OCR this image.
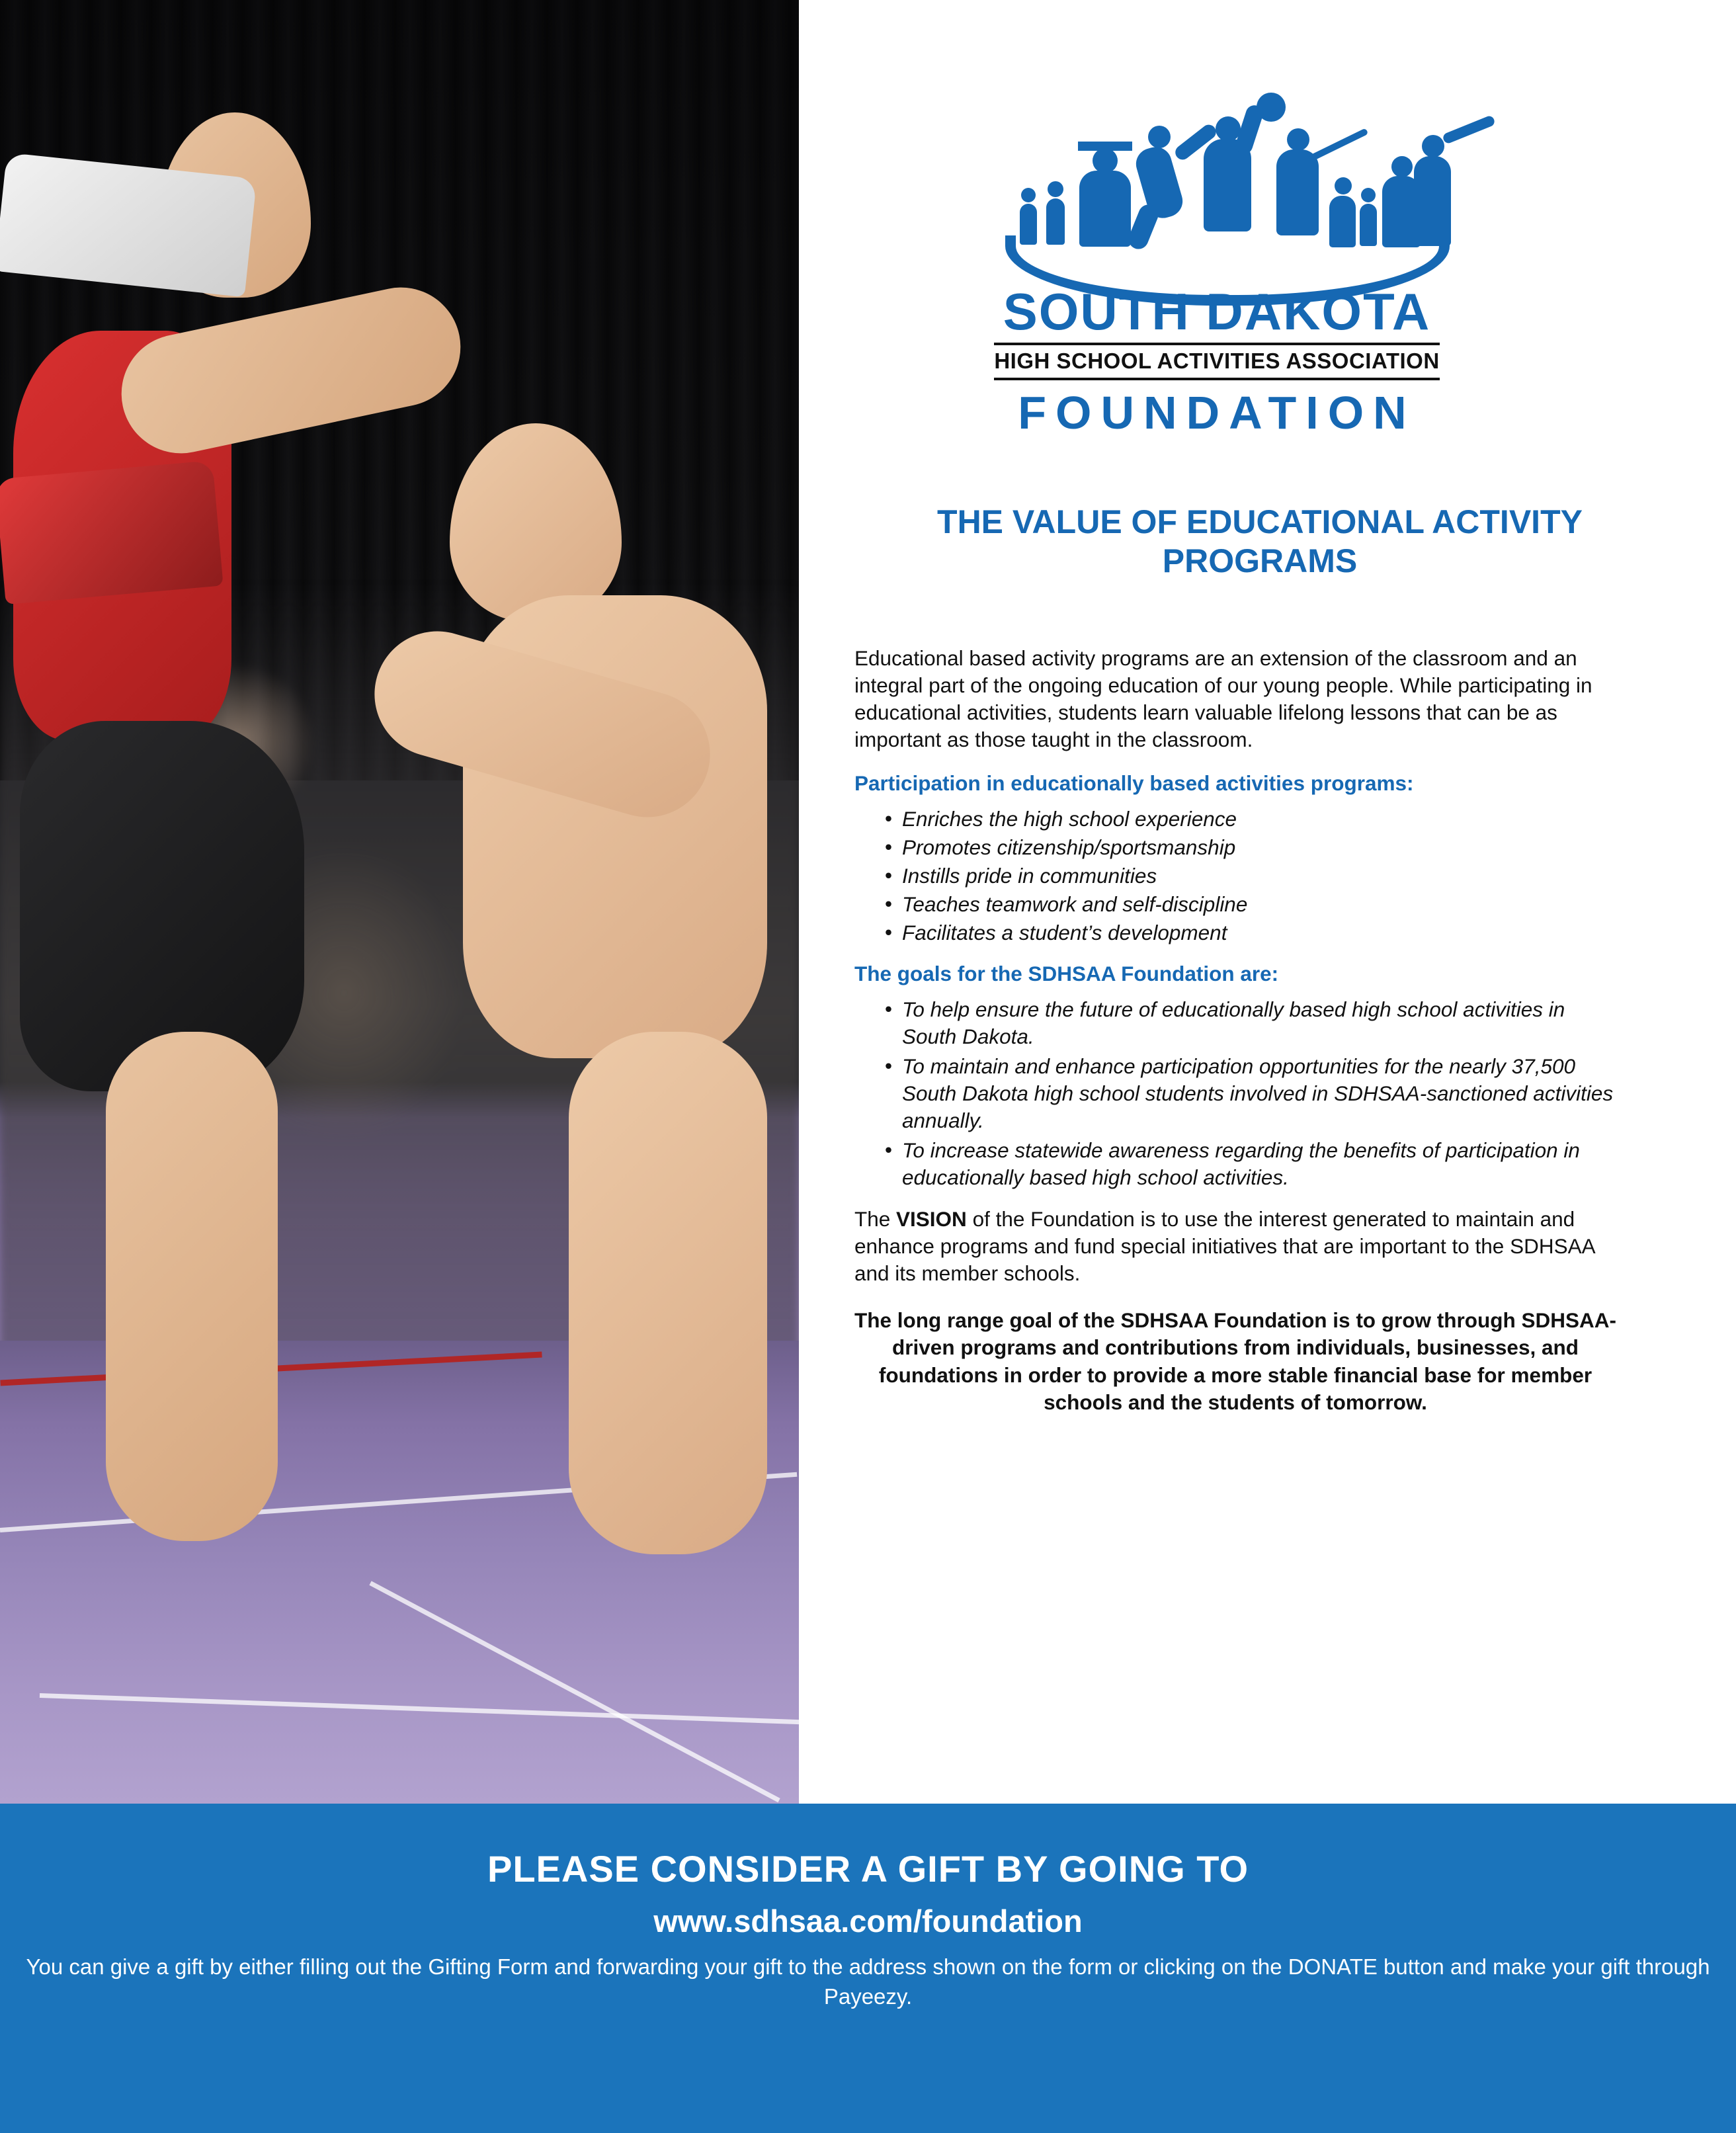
SOUTH DAKOTA
HIGH SCHOOL ACTIVITIES ASSOCIATION
FOUNDATION
THE VALUE OF EDUCATIONAL ACTIVITY PROGRAMS

Educational based activity programs are an extension of the classroom and an integral part of the ongoing education of our young people. While participating in educational activities, students learn valuable lifelong lessons that can be as important as those taught in the classroom.

Participation in educationally based activities programs:
• Enriches the high school experience
• Promotes citizenship/sportsmanship
• Instills pride in communities
• Teaches teamwork and self-discipline
• Facilitates a student’s development
The goals for the SDHSAA Foundation are:
• To help ensure the future of educationally based high school activities in South Dakota.
• To maintain and enhance participation opportunities for the nearly 37,500 South Dakota high school students involved in SDHSAA-sanctioned activities annually.
• To increase statewide awareness regarding the benefits of participation in educationally based high school activities.

The VISION of the Foundation is to use the interest generated to maintain and enhance programs and fund special initiatives that are important to the SDHSAA and its member schools.

The long range goal of the SDHSAA Foundation is to grow through SDHSAA-driven programs and contributions from individuals, businesses, and foundations in order to provide a more stable financial base for member schools and the students of tomorrow.
PLEASE CONSIDER A GIFT BY GOING TO
www.sdhsaa.com/foundation
You can give a gift by either filling out the Gifting Form and forwarding your gift to the address shown on the form or clicking on the DONATE button and make your gift through Payeezy.
